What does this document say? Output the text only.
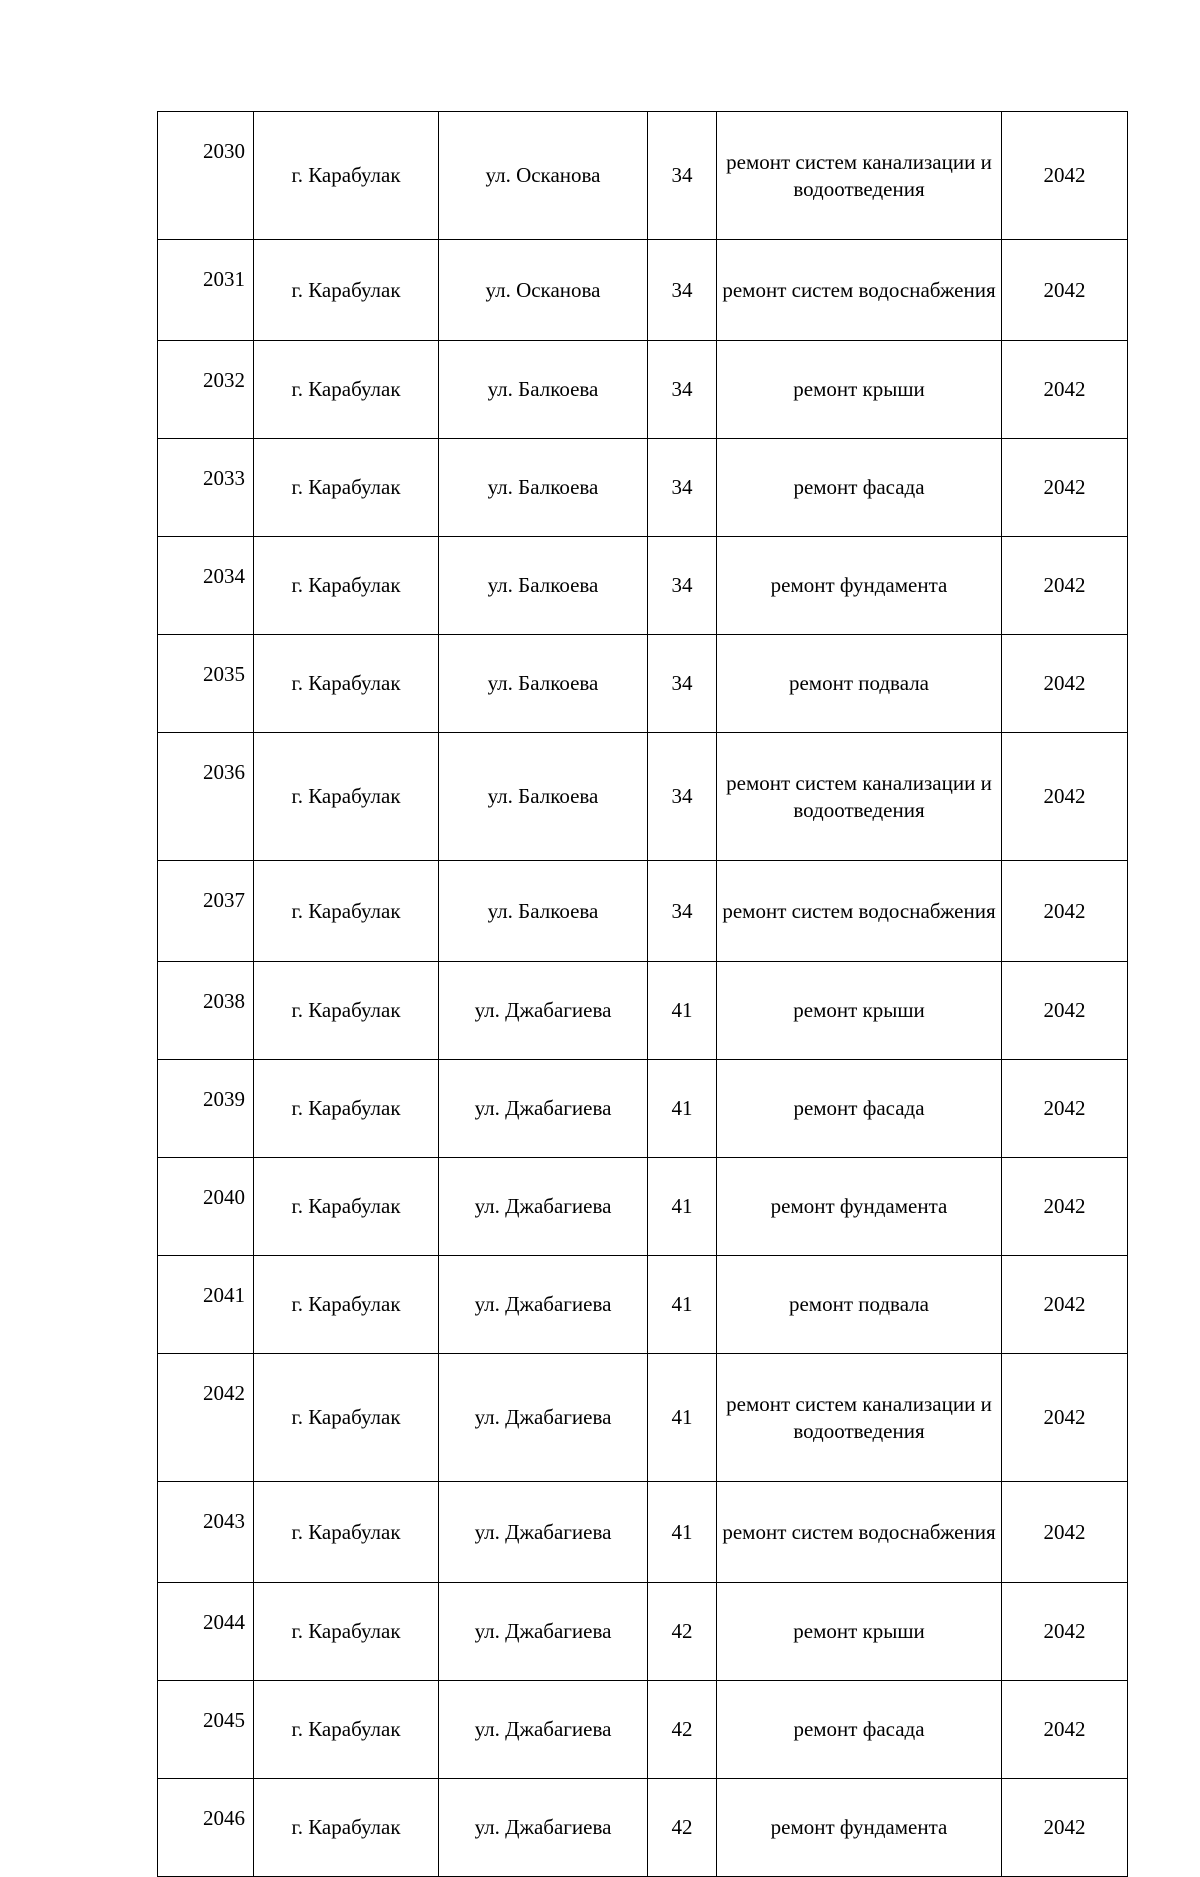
2030	г. Карабулак	ул. Осканова	34	ремонт систем канализации и водоотведения	2042
2031	г. Карабулак	ул. Осканова	34	ремонт систем водоснабжения	2042
2032	г. Карабулак	ул. Балкоева	34	ремонт крыши	2042
2033	г. Карабулак	ул. Балкоева	34	ремонт фасада	2042
2034	г. Карабулак	ул. Балкоева	34	ремонт фундамента	2042
2035	г. Карабулак	ул. Балкоева	34	ремонт подвала	2042
2036	г. Карабулак	ул. Балкоева	34	ремонт систем канализации и водоотведения	2042
2037	г. Карабулак	ул. Балкоева	34	ремонт систем водоснабжения	2042
2038	г. Карабулак	ул. Джабагиева	41	ремонт крыши	2042
2039	г. Карабулак	ул. Джабагиева	41	ремонт фасада	2042
2040	г. Карабулак	ул. Джабагиева	41	ремонт фундамента	2042
2041	г. Карабулак	ул. Джабагиева	41	ремонт подвала	2042
2042	г. Карабулак	ул. Джабагиева	41	ремонт систем канализации и водоотведения	2042
2043	г. Карабулак	ул. Джабагиева	41	ремонт систем водоснабжения	2042
2044	г. Карабулак	ул. Джабагиева	42	ремонт крыши	2042
2045	г. Карабулак	ул. Джабагиева	42	ремонт фасада	2042
2046	г. Карабулак	ул. Джабагиева	42	ремонт фундамента	2042
